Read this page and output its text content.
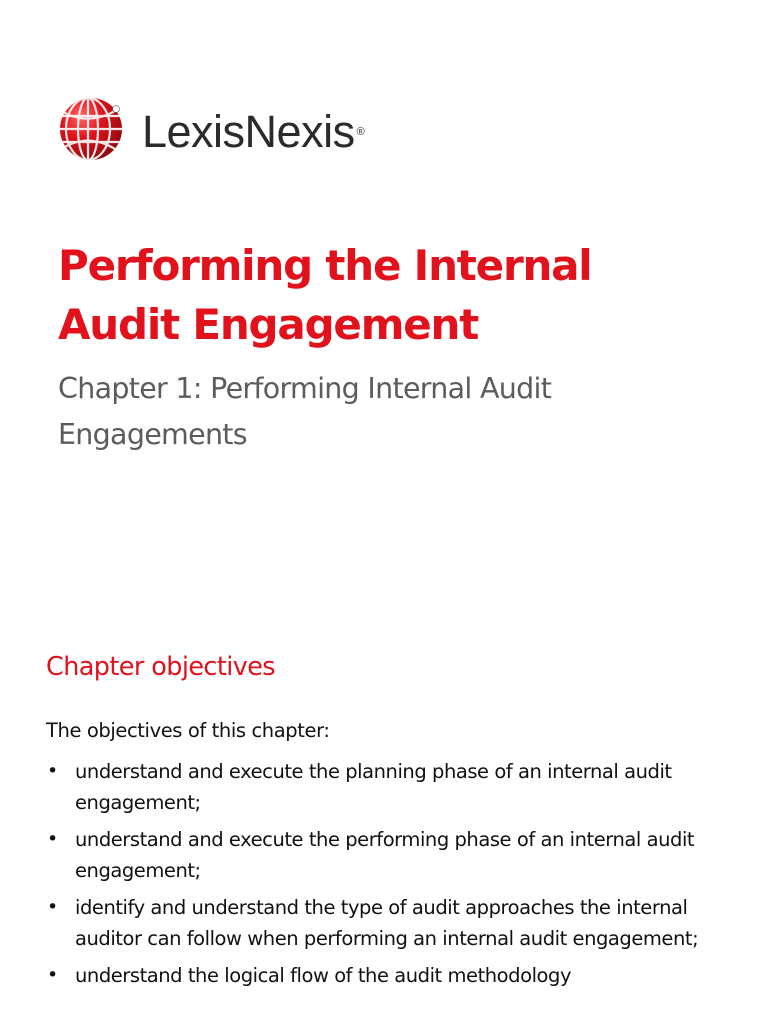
LexisNexis ®
Performing the Internal
Audit Engagement
Chapter 1: Performing Internal Audit
Engagements
Chapter objectives

The objectives of this chapter:

• understand and execute the planning phase of an internal audit engagement;
• understand and execute the performing phase of an internal audit engagement;
• identify and understand the type of audit approaches the internal auditor can follow when performing an internal audit engagement;
• understand the logical flow of the audit methodology
